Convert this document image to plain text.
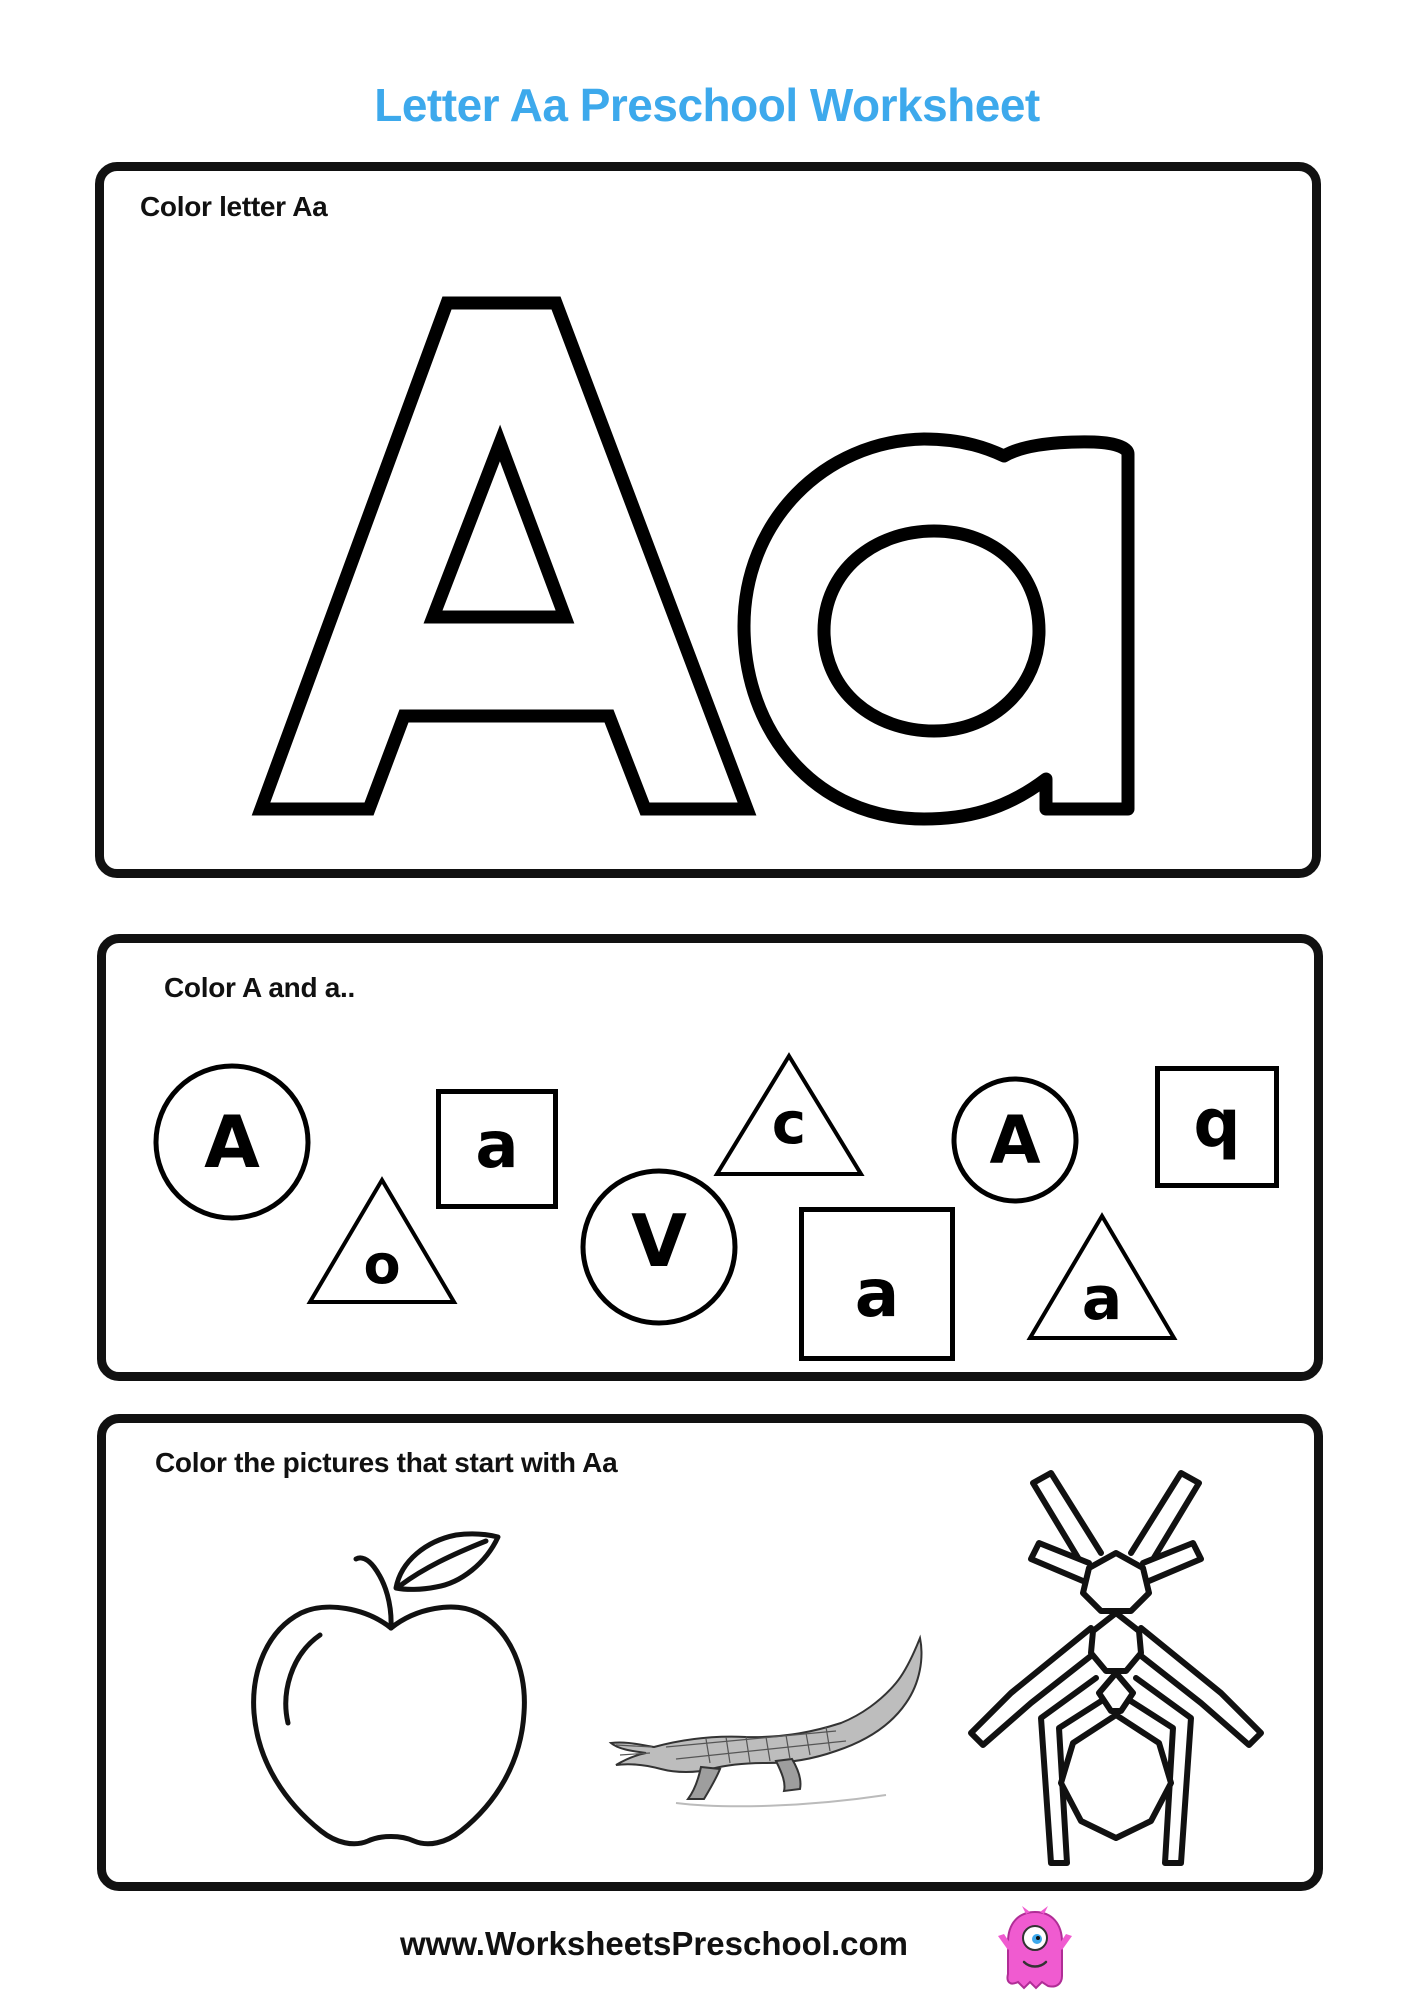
Letter Aa Preschool Worksheet
Color letter Aa
Color A and a..
A
o
a
V
c
a
A
a
q
Color the pictures that start with Aa
www.WorksheetsPreschool.com
